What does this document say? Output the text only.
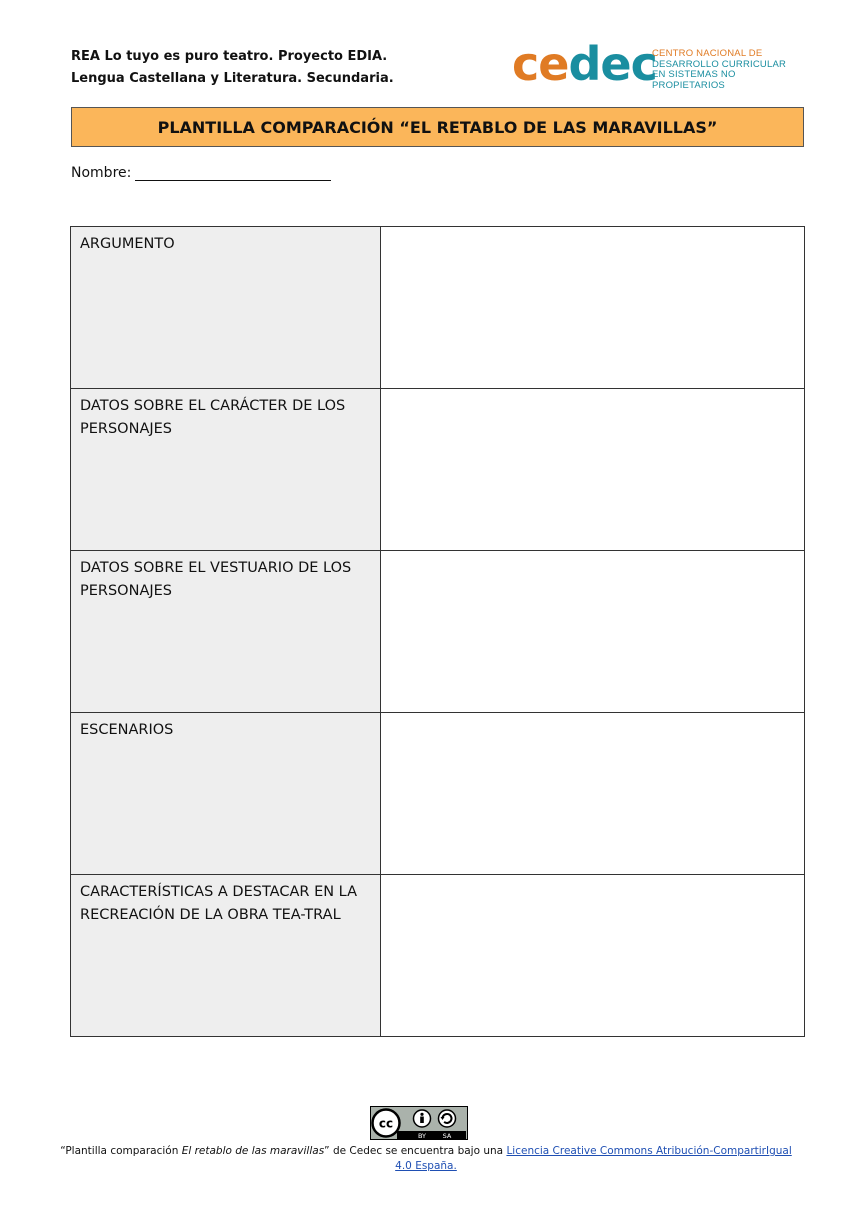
REA Lo tuyo es puro teatro. Proyecto EDIA.
Lengua Castellana y Literatura. Secundaria.	cedec
CENTRO NACIONAL DE
DESARROLLO CURRICULAR
EN SISTEMAS NO PROPIETARIOS
PLANTILLA COMPARACIÓN “EL RETABLO DE LAS MARAVILLAS”
Nombre:
ARGUMENTO	
DATOS SOBRE EL CARÁCTER DE LOS PERSONAJES	
DATOS SOBRE EL VESTUARIO DE LOS PERSONAJES	
ESCENARIOS	
CARACTERÍSTICAS A DESTACAR EN LA RECREACIÓN DE LA OBRA TEA-TRAL	
cc
BY	SA
“Plantilla comparación El retablo de las maravillas” de Cedec se encuentra bajo una Licencia Creative Commons Atribución-CompartirIgual 4.0 España.
